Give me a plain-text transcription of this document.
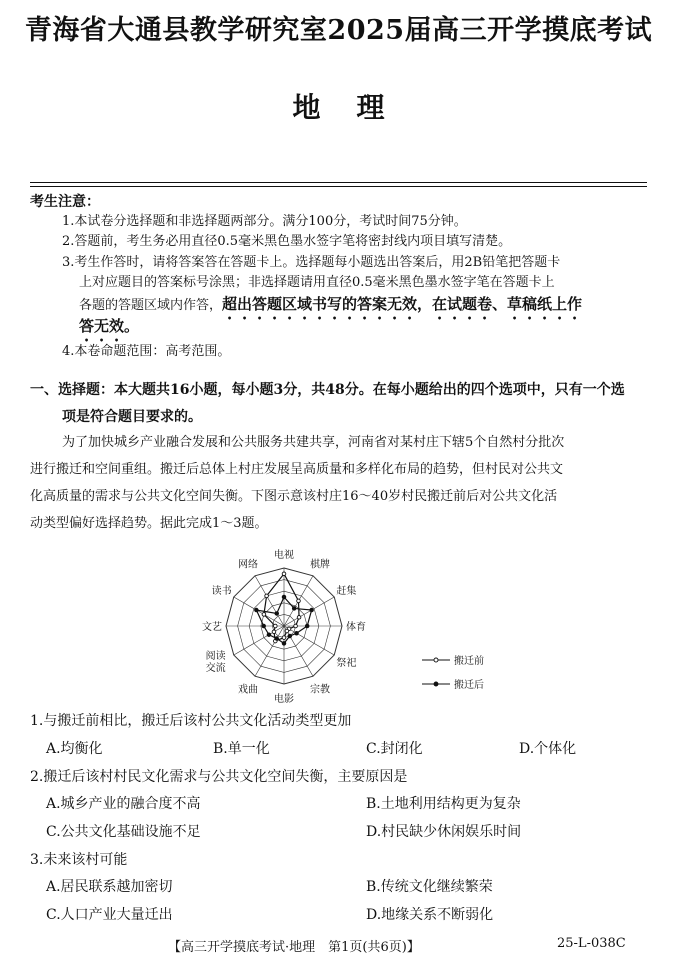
青海省大通县教学研究室2025届高三开学摸底考试
地理
考生注意：
1.本试卷分选择题和非选择题两部分。满分100分，考试时间75分钟。
2.答题前，考生务必用直径0.5毫米黑色墨水签字笔将密封线内项目填写清楚。
3.考生作答时，请将答案答在答题卡上。选择题每小题选出答案后，用2B铅笔把答题卡
上对应题目的答案标号涂黑；非选择题请用直径0.5毫米黑色墨水签字笔在答题卡上
各题的答题区域内作答，超出答题区域书写的答案无效，在试题卷、草稿纸上作
答无效。
4.本卷命题范围：高考范围。
一、选择题：本大题共16小题，每小题3分，共48分。在每小题给出的四个选项中，只有一个选
项是符合题目要求的。
为了加快城乡产业融合发展和公共服务共建共享，河南省对某村庄下辖5个自然村分批次
进行搬迁和空间重组。搬迁后总体上村庄发展呈高质量和多样化布局的趋势，但村民对公共文
化高质量的需求与公共文化空间失衡。下图示意该村庄16～40岁村民搬迁前后对公共文化活
动类型偏好选择趋势。据此完成1～3题。
电视
棋牌
赶集
体育
祭祀
宗教
电影
戏曲
阅读交流
文艺
读书
网络
搬迁前
搬迁后
1.与搬迁前相比，搬迁后该村公共文化活动类型更加
A.均衡化	B.单一化	C.封闭化	D.个体化
2.搬迁后该村村民文化需求与公共文化空间失衡，主要原因是
A.城乡产业的融合度不高	B.土地利用结构更为复杂
C.公共文化基础设施不足	D.村民缺少休闲娱乐时间
3.未来该村可能
A.居民联系越加密切	B.传统文化继续繁荣
C.人口产业大量迁出	D.地缘关系不断弱化
【高三开学摸底考试·地理　第1页(共6页)】	25-L-038C
